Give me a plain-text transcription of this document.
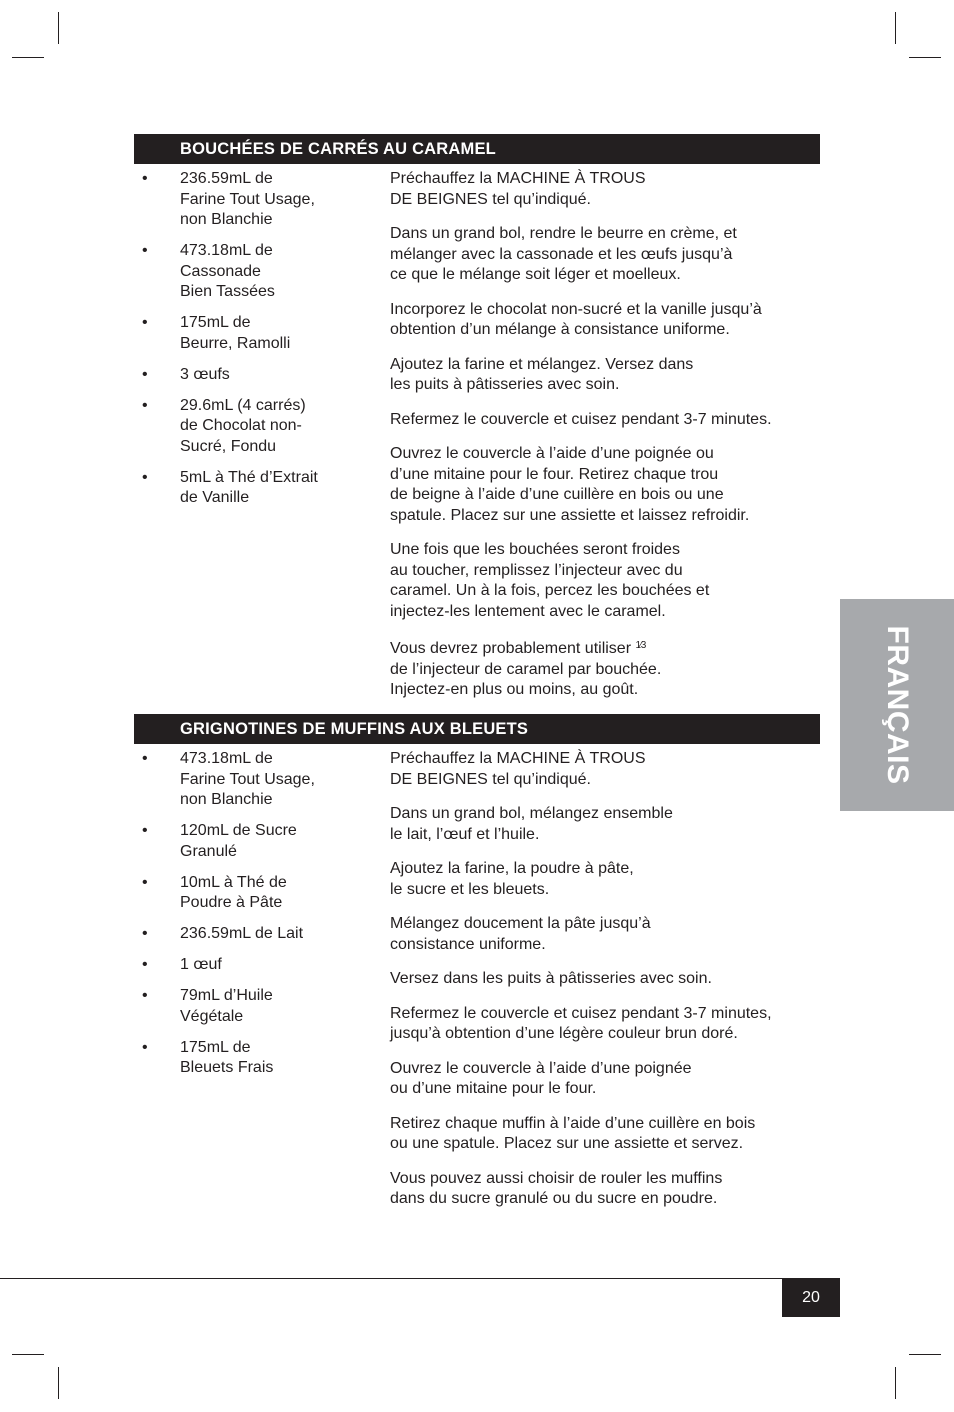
BOUCHÉES DE CARRÉS AU CARAMEL
• 236.59mL de
Farine Tout Usage,
non Blanchie
• 473.18mL de
Cassonade
Bien Tassées
• 175mL de
Beurre, Ramolli
• 3 œufs
• 29.6mL (4 carrés)
de Chocolat non-
Sucré, Fondu
• 5mL à Thé d’Extrait
de Vanille

Préchauffez la MACHINE À TROUS
DE BEIGNES tel qu’indiqué.

Dans un grand bol, rendre le beurre en crème, et
mélanger avec la cassonade et les œufs jusqu’à
ce que le mélange soit léger et moelleux.

Incorporez le chocolat non-sucré et la vanille jusqu’à
obtention d’un mélange à consistance uniforme.

Ajoutez la farine et mélangez. Versez dans
les puits à pâtisseries avec soin.

Refermez le couvercle et cuisez pendant 3-7 minutes.

Ouvrez le couvercle à l’aide d’une poignée ou
d’une mitaine pour le four. Retirez chaque trou
de beigne à l’aide d’une cuillère en bois ou une
spatule. Placez sur une assiette et laissez refroidir.

Une fois que les bouchées seront froides
au toucher, remplissez l’injecteur avec du
caramel. Un à la fois, percez les bouchées et
injectez-les lentement avec le caramel.

Vous devrez probablement utiliser $^{1⁄3}$
de l’injecteur de caramel par bouchée.
Injectez-en plus ou moins, au goût.

GRIGNOTINES DE MUFFINS AUX BLEUETS
• 473.18mL de
Farine Tout Usage,
non Blanchie
• 120mL de Sucre
Granulé
• 10mL à Thé de
Poudre à Pâte
• 236.59mL de Lait
• 1 œuf
• 79mL d’Huile
Végétale
• 175mL de
Bleuets Frais

Préchauffez la MACHINE À TROUS
DE BEIGNES tel qu’indiqué.

Dans un grand bol, mélangez ensemble
le lait, l’œuf et l’huile.

Ajoutez la farine, la poudre à pâte,
le sucre et les bleuets.

Mélangez doucement la pâte jusqu’à
consistance uniforme.

Versez dans les puits à pâtisseries avec soin.

Refermez le couvercle et cuisez pendant 3-7 minutes,
jusqu’à obtention d’une légère couleur brun doré.

Ouvrez le couvercle à l’aide d’une poignée
ou d’une mitaine pour le four.

Retirez chaque muffin à l’aide d’une cuillère en bois
ou une spatule. Placez sur une assiette et servez.

Vous pouvez aussi choisir de rouler les muffins
dans du sucre granulé ou du sucre en poudre.

FRANÇAIS
20
